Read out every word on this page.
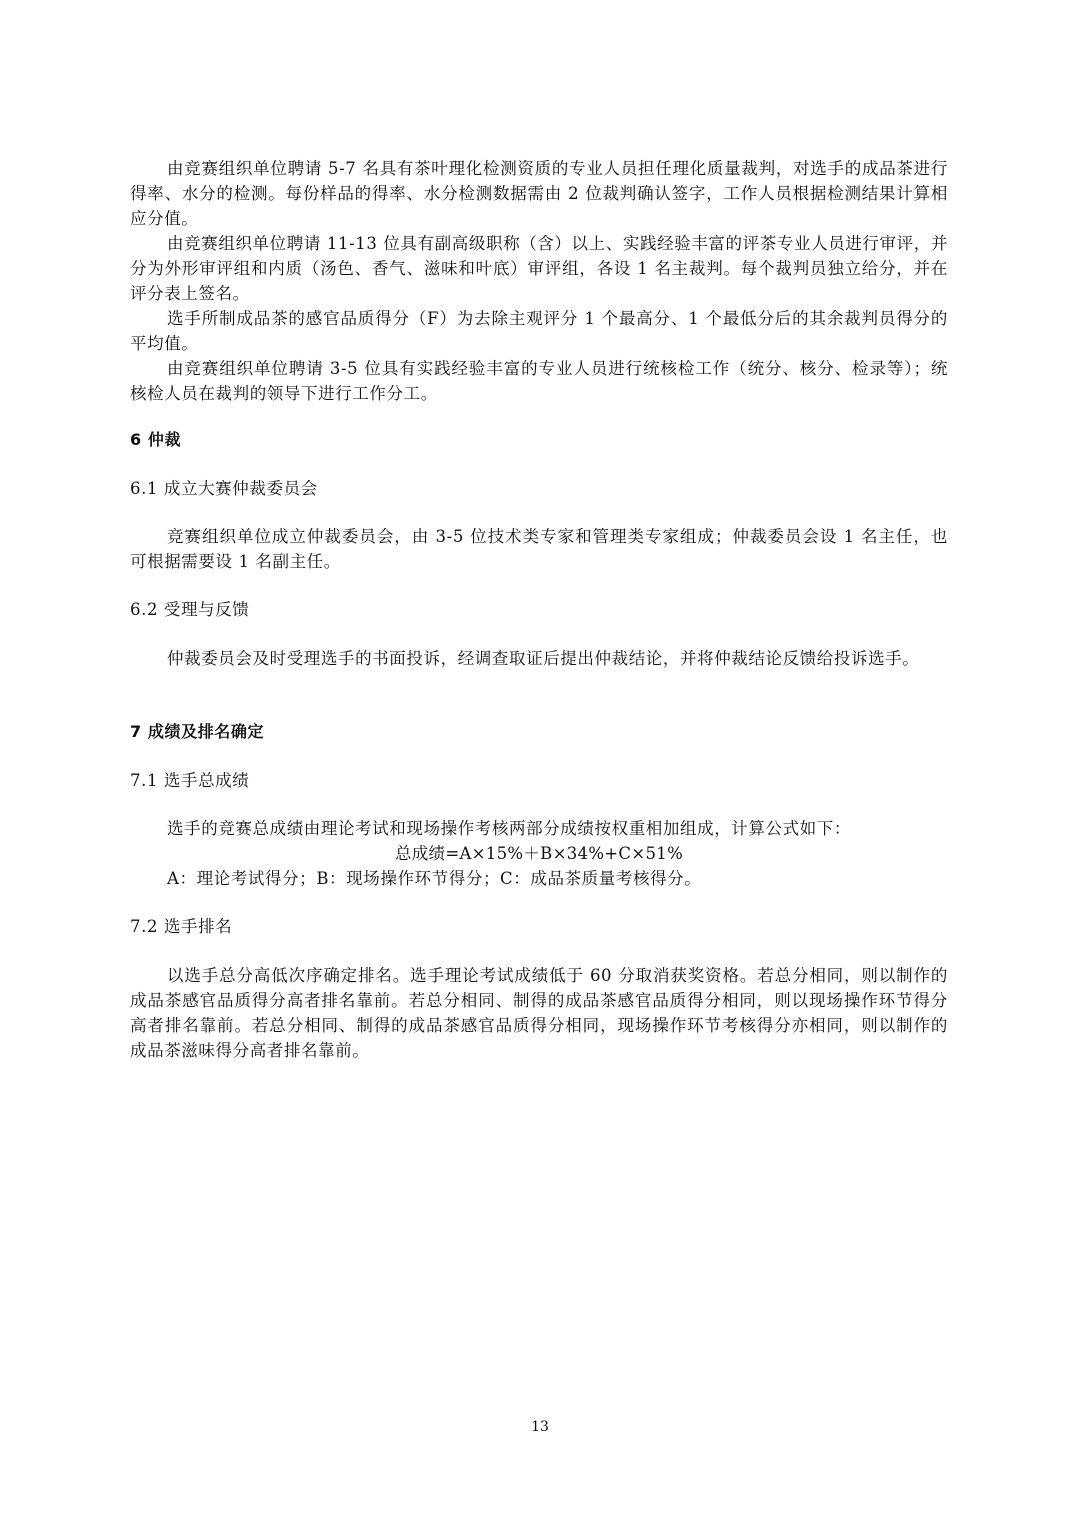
由竞赛组织单位聘请 5-7 名具有茶叶理化检测资质的专业人员担任理化质量裁判，对选手的成品茶进行得率、水分的检测。每份样品的得率、水分检测数据需由 2 位裁判确认签字，工作人员根据检测结果计算相应分值。

由竞赛组织单位聘请 11-13 位具有副高级职称（含）以上、实践经验丰富的评茶专业人员进行审评，并分为外形审评组和内质（汤色、香气、滋味和叶底）审评组，各设 1 名主裁判。每个裁判员独立给分，并在评分表上签名。

选手所制成品茶的感官品质得分（F）为去除主观评分 1 个最高分、1 个最低分后的其余裁判员得分的平均值。

由竞赛组织单位聘请 3-5 位具有实践经验丰富的专业人员进行统核检工作（统分、核分、检录等）；统核检人员在裁判的领导下进行工作分工。

6 仲裁
6.1 成立大赛仲裁委员会

竞赛组织单位成立仲裁委员会，由 3-5 位技术类专家和管理类专家组成；仲裁委员会设 1 名主任，也可根据需要设 1 名副主任。

6.2 受理与反馈

仲裁委员会及时受理选手的书面投诉，经调查取证后提出仲裁结论，并将仲裁结论反馈给投诉选手。

7 成绩及排名确定
7.1 选手总成绩

选手的竞赛总成绩由理论考试和现场操作考核两部分成绩按权重相加组成，计算公式如下：

总成绩=A×15%＋B×34%+C×51%

A：理论考试得分；B：现场操作环节得分；C：成品茶质量考核得分。

7.2 选手排名

以选手总分高低次序确定排名。选手理论考试成绩低于 60 分取消获奖资格。若总分相同，则以制作的成品茶感官品质得分高者排名靠前。若总分相同、制得的成品茶感官品质得分相同，则以现场操作环节得分高者排名靠前。若总分相同、制得的成品茶感官品质得分相同，现场操作环节考核得分亦相同，则以制作的成品茶滋味得分高者排名靠前。

13
